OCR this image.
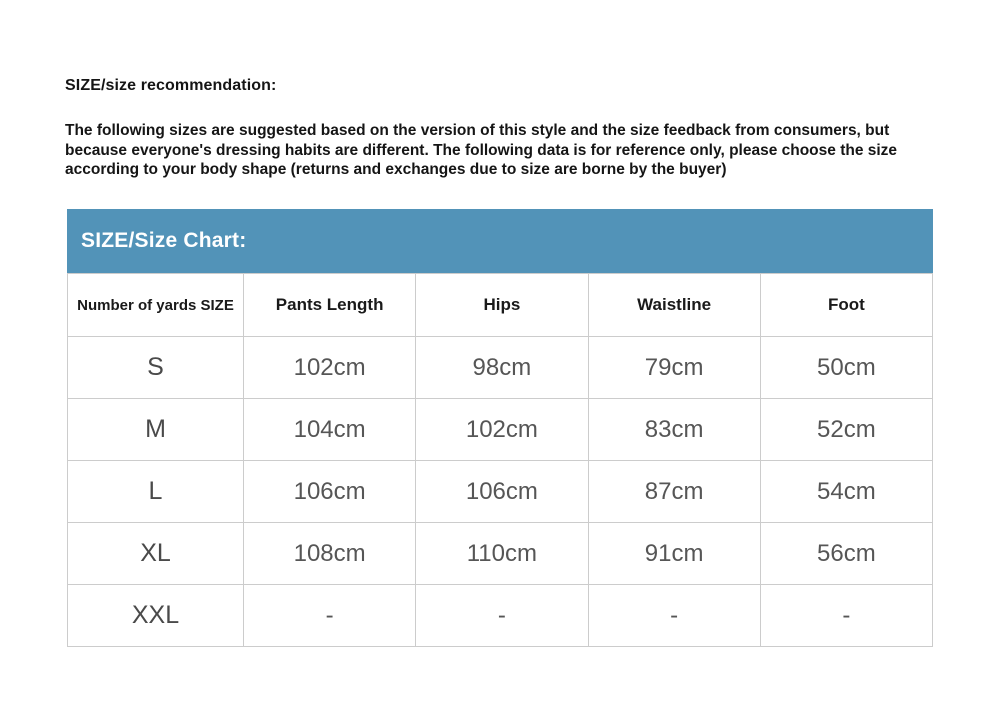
SIZE/size recommendation:
The following sizes are suggested based on the version of this style and the size feedback from consumers, but because everyone's dressing habits are different. The following data is for reference only, please choose the size according to your body shape (returns and exchanges due to size are borne by the buyer)
SIZE/Size Chart:
Number of yards SIZE	Pants Length	Hips	Waistline	Foot
S	102cm	98cm	79cm	50cm
M	104cm	102cm	83cm	52cm
L	106cm	106cm	87cm	54cm
XL	108cm	110cm	91cm	56cm
XXL	-	-	-	-
